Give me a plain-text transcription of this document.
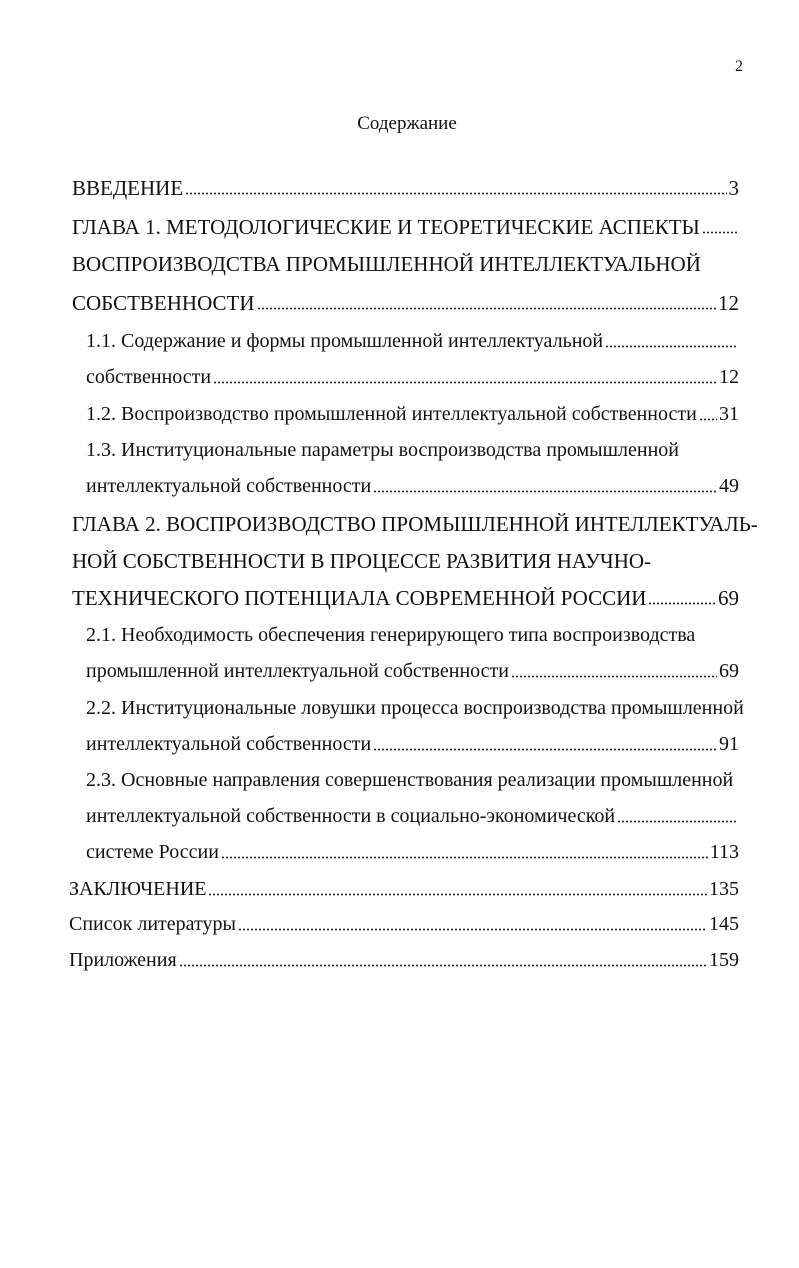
2
Содержание
ВВЕДЕНИЕ	3
ГЛАВА 1. МЕТОДОЛОГИЧЕСКИЕ И ТЕОРЕТИЧЕСКИЕ АСПЕКТЫ
ВОСПРОИЗВОДСТВА ПРОМЫШЛЕННОЙ ИНТЕЛЛЕКТУАЛЬНОЙ
СОБСТВЕННОСТИ	12
1.1. Содержание и формы промышленной интеллектуальной
собственности	12
1.2. Воспроизводство промышленной интеллектуальной собственности 31
1.3. Институциональные параметры воспроизводства промышленной
интеллектуальной собственности	49
ГЛАВА 2. ВОСПРОИЗВОДСТВО ПРОМЫШЛЕННОЙ ИНТЕЛЛЕКТУАЛЬ-
НОЙ СОБСТВЕННОСТИ В ПРОЦЕССЕ РАЗВИТИЯ НАУЧНО-
ТЕХНИЧЕСКОГО ПОТЕНЦИАЛА СОВРЕМЕННОЙ РОССИИ	69
2.1. Необходимость обеспечения генерирующего типа воспроизводства
промышленной интеллектуальной собственности	69
2.2. Институциональные ловушки процесса воспроизводства промышленной
интеллектуальной собственности	91
2.3. Основные направления совершенствования реализации промышленной
интеллектуальной собственности в социально-экономической
системе России	113
ЗАКЛЮЧЕНИЕ	135
Список литературы	145
Приложения	159
